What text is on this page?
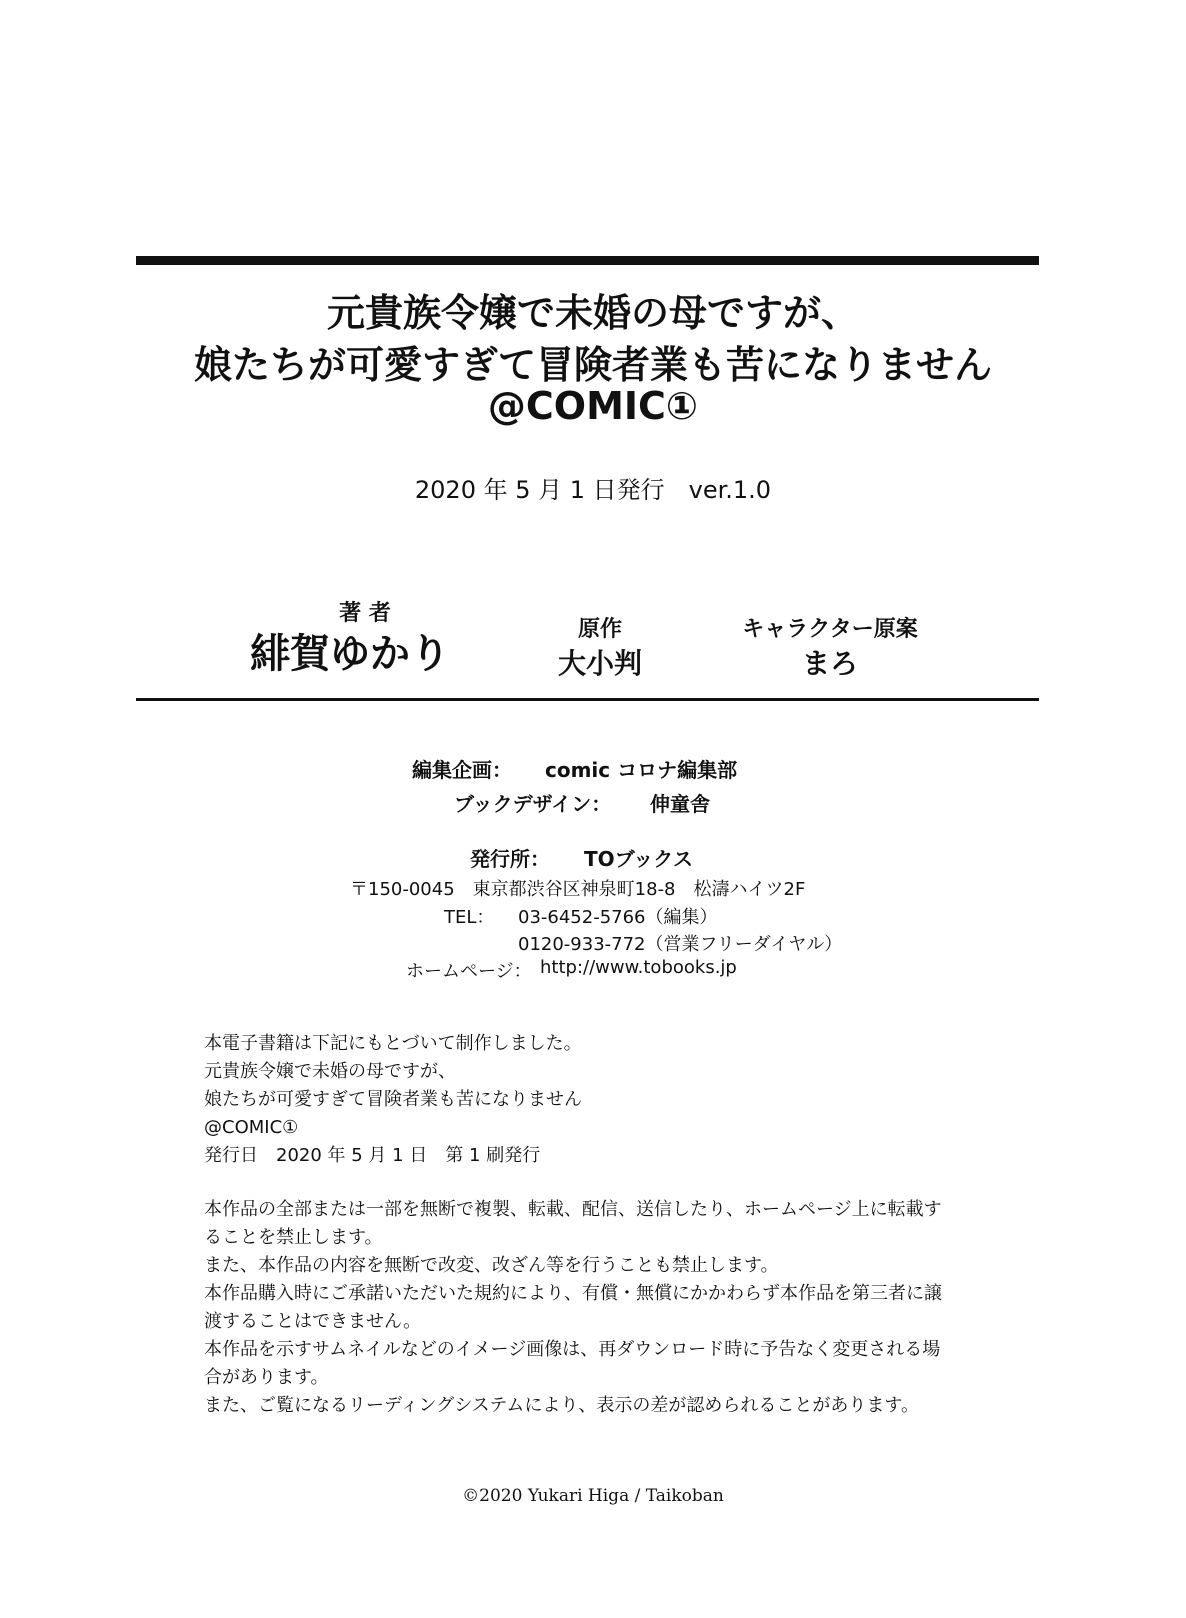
元貴族令嬢で未婚の母ですが、
娘たちが可愛すぎて冒険者業も苦になりません
@COMIC①
2020 年 5 月 1 日発行　ver.1.0
著 者
緋賀ゆかり
原作
大小判
キャラクター原案
まろ
編集企画： comic コロナ編集部
ブックデザイン： 伸童舎
発行所： TOブックス
〒150-0045　東京都渋谷区神泉町18-8　松濤ハイツ2F
TEL： 03-6452-5766（編集）
0120-933-772（営業フリーダイヤル）
ホームページ： http://www.tobooks.jp
本電子書籍は下記にもとづいて制作しました。
元貴族令嬢で未婚の母ですが、
娘たちが可愛すぎて冒険者業も苦になりません
@COMIC①
発行日　2020 年 5 月 1 日　第 1 刷発行
本作品の全部または一部を無断で複製、転載、配信、送信したり、ホームページ上に転載す
ることを禁止します。
また、本作品の内容を無断で改変、改ざん等を行うことも禁止します。
本作品購入時にご承諾いただいた規約により、有償・無償にかかわらず本作品を第三者に譲
渡することはできません。
本作品を示すサムネイルなどのイメージ画像は、再ダウンロード時に予告なく変更される場
合があります。
また、ご覧になるリーディングシステムにより、表示の差が認められることがあります。
©2020 Yukari Higa / Taikoban
